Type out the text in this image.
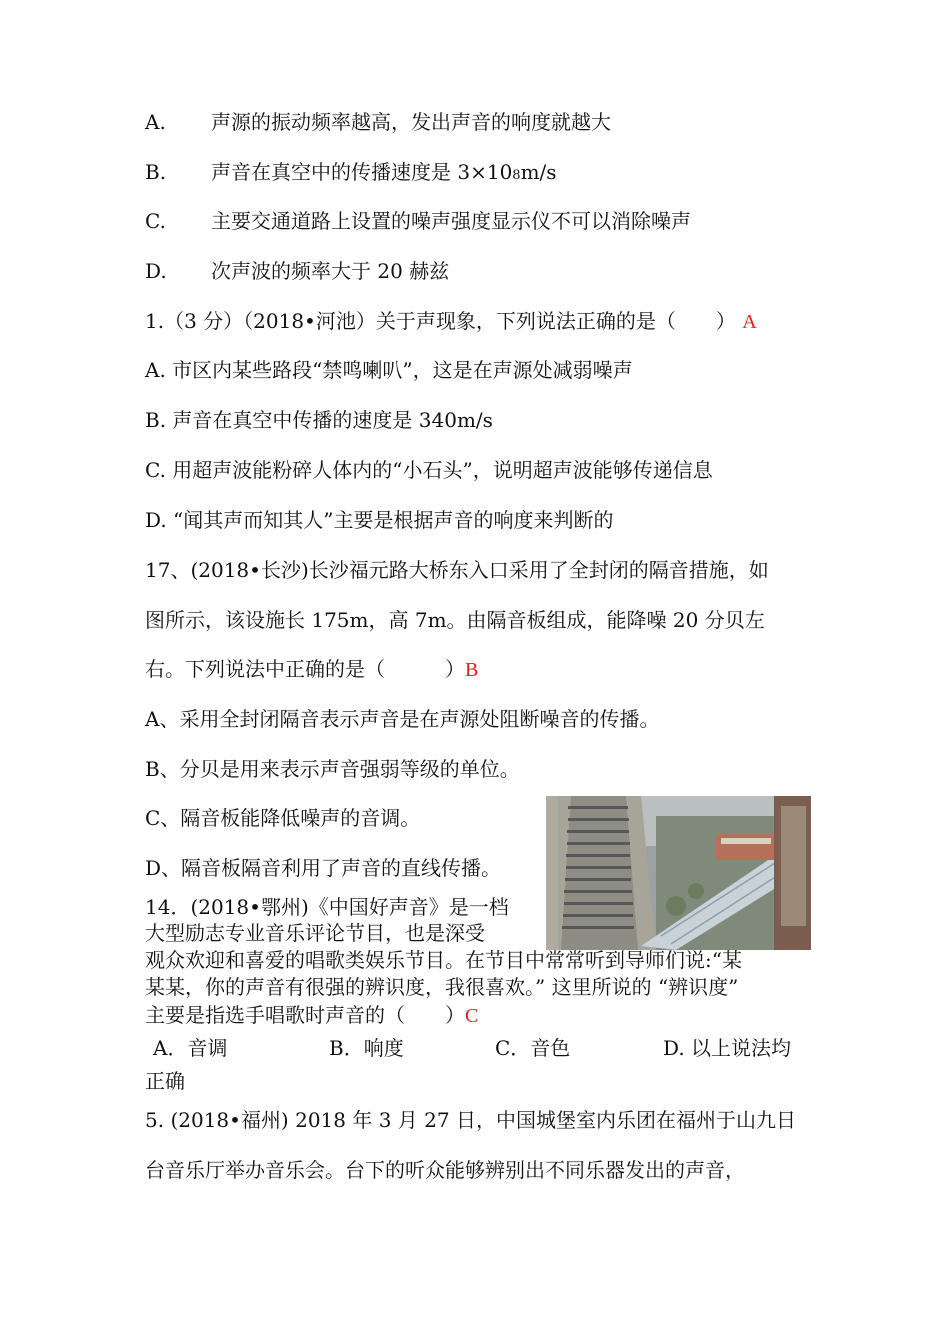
A. 声源的振动频率越高，发出声音的响度就越大
B. 声音在真空中的传播速度是 3×108m/s
C. 主要交通道路上设置的噪声强度显示仪不可以消除噪声
D. 次声波的频率大于 20 赫兹
1.（3 分）（2018•河池）关于声现象，下列说法正确的是（　　） A
A. 市区内某些路段“禁鸣喇叭”，这是在声源处减弱噪声
B. 声音在真空中传播的速度是 340m/s
C. 用超声波能粉碎人体内的“小石头”，说明超声波能够传递信息
D. “闻其声而知其人”主要是根据声音的响度来判断的
17、(2018•长沙)长沙福元路大桥东入口采用了全封闭的隔音措施，如
图所示，该设施长 175m，高 7m。由隔音板组成，能降噪 20 分贝左
右。下列说法中正确的是（　　　）B
A、采用全封闭隔音表示声音是在声源处阻断噪音的传播。
B、分贝是用来表示声音强弱等级的单位。
C、隔音板能降低噪声的音调。
D、隔音板隔音利用了声音的直线传播。
14．(2018•鄂州)《中国好声音》是一档
大型励志专业音乐评论节目，也是深受
观众欢迎和喜爱的唱歌类娱乐节目。在节目中常常听到导师们说:“某
某某，你的声音有很强的辨识度，我很喜欢。” 这里所说的 “辨识度”
主要是指选手唱歌时声音的（　　）C
A．音调	B．响度	C．音色	D. 以上说法均
正确
5. (2018•福州) 2018 年 3 月 27 日，中国城堡室内乐团在福州于山九日
台音乐厅举办音乐会。台下的听众能够辨别出不同乐器发出的声音，
